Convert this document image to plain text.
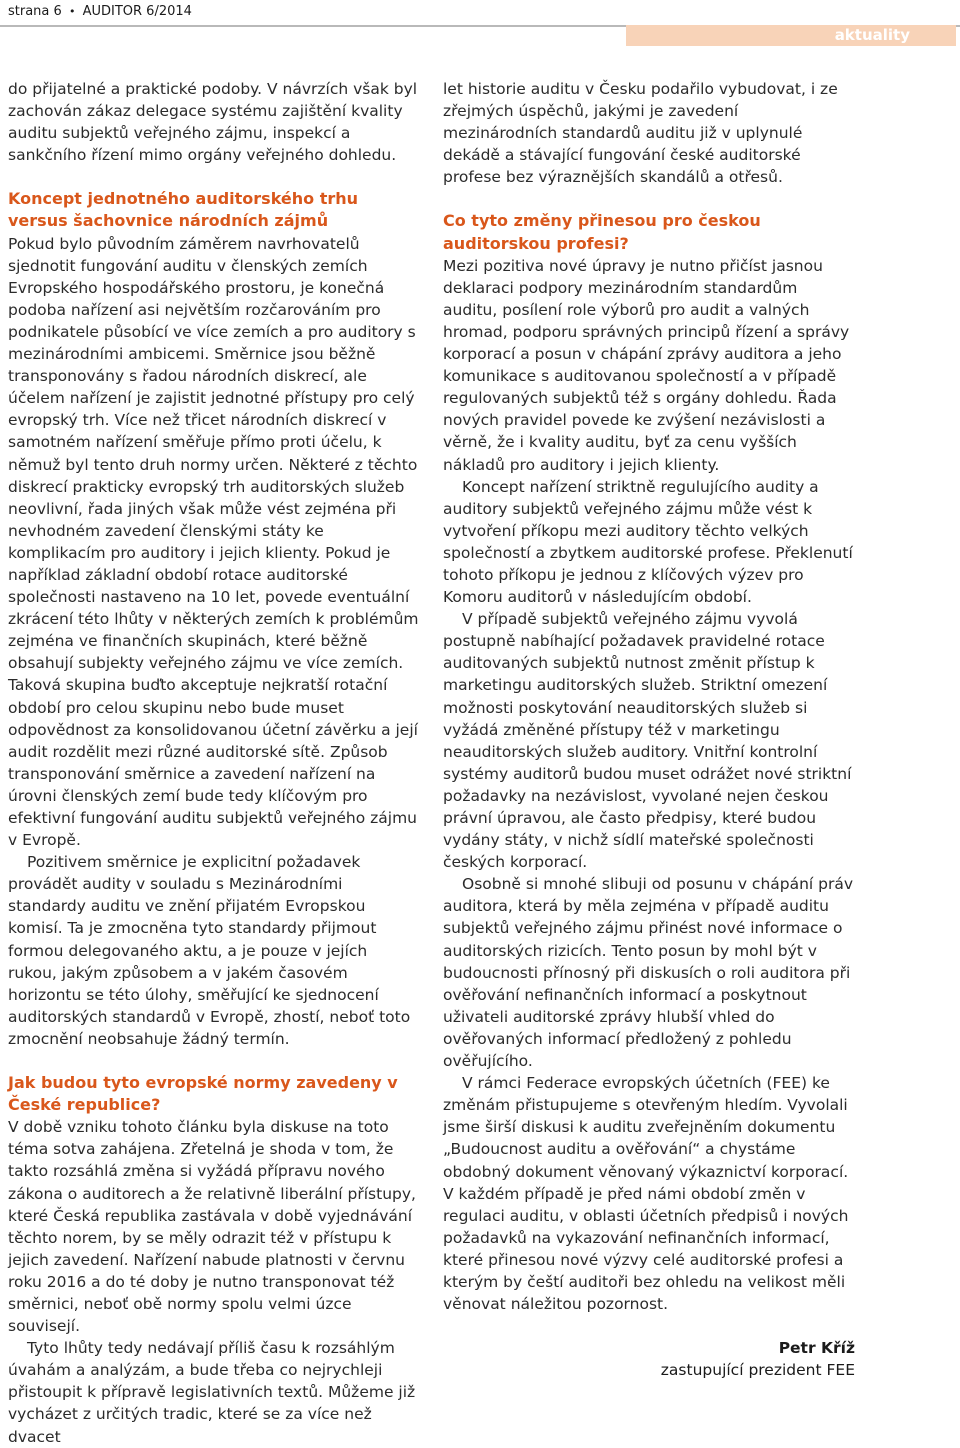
strana 6 • AUDITOR 6/2014
aktuality

do přijatelné a praktické podoby. V návrzích však byl zachován zákaz delegace systému zajištění kvality auditu subjektů veřejného zájmu, inspekcí a sankčního řízení mimo orgány veřejného dohledu.

Koncept jednotného auditorského trhu versus šachovnice národních zájmů

Pokud bylo původním záměrem navrhovatelů sjednotit fungování auditu v členských zemích Evropského hospodářského prostoru, je konečná podoba nařízení asi největším rozčarováním pro podnikatele působící ve více zemích a pro auditory s mezinárodními ambicemi. Směrnice jsou běžně transponovány s řadou národních diskrecí, ale účelem nařízení je zajistit jednotné přístupy pro celý evropský trh. Více než třicet národních diskrecí v samotném nařízení směřuje přímo proti účelu, k němuž byl tento druh normy určen. Některé z těchto diskrecí prakticky evropský trh auditorských služeb neovlivní, řada jiných však může vést zejména při nevhodném zavedení členskými státy ke komplikacím pro auditory i jejich klienty. Pokud je například základní období rotace auditorské společnosti nastaveno na 10 let, povede eventuální zkrácení této lhůty v některých zemích k problémům zejména ve finančních skupinách, které běžně obsahují subjekty veřejného zájmu ve více zemích. Taková skupina buďto akceptuje nejkratší rotační období pro celou skupinu nebo bude muset odpovědnost za konsolidovanou účetní závěrku a její audit rozdělit mezi různé auditorské sítě. Způsob transponování směrnice a zavedení nařízení na úrovni členských zemí bude tedy klíčovým pro efektivní fungování auditu subjektů veřejného zájmu v Evropě.

Pozitivem směrnice je explicitní požadavek provádět audity v souladu s Mezinárodními standardy auditu ve znění přijatém Evropskou komisí. Ta je zmocněna tyto standardy přijmout formou delegovaného aktu, a je pouze v jejích rukou, jakým způsobem a v jakém časovém horizontu se této úlohy, směřující ke sjednocení auditorských standardů v Evropě, zhostí, neboť toto zmocnění neobsahuje žádný termín.

Jak budou tyto evropské normy zavedeny v České republice?

V době vzniku tohoto článku byla diskuse na toto téma sotva zahájena. Zřetelná je shoda v tom, že takto rozsáhlá změna si vyžádá přípravu nového zákona o auditorech a že relativně liberální přístupy, které Česká republika zastávala v době vyjednávání těchto norem, by se měly odrazit též v přístupu k jejich zavedení. Nařízení nabude platnosti v červnu roku 2016 a do té doby je nutno transponovat též směrnici, neboť obě normy spolu velmi úzce souvisejí.

Tyto lhůty tedy nedávají příliš času k rozsáhlým úvahám a analýzám, a bude třeba co nejrychleji přistoupit k přípravě legislativních textů. Můžeme již vycházet z určitých tradic, které se za více než dvacet

let historie auditu v Česku podařilo vybudovat, i ze zřejmých úspěchů, jakými je zavedení mezinárodních standardů auditu již v uplynulé dekádě a stávající fungování české auditorské profese bez výraznějších skandálů a otřesů.

Co tyto změny přinesou pro českou auditorskou profesi?

Mezi pozitiva nové úpravy je nutno přičíst jasnou deklaraci podpory mezinárodním standardům auditu, posílení role výborů pro audit a valných hromad, podporu správných principů řízení a správy korporací a posun v chápání zprávy auditora a jeho komunikace s auditovanou společností a v případě regulovaných subjektů též s orgány dohledu. Řada nových pravidel povede ke zvýšení nezávislosti a věrně, že i kvality auditu, byť za cenu vyšších nákladů pro auditory i jejich klienty.

Koncept nařízení striktně regulujícího audity a auditory subjektů veřejného zájmu může vést k vytvoření příkopu mezi auditory těchto velkých společností a zbytkem auditorské profese. Překlenutí tohoto příkopu je jednou z klíčových výzev pro Komoru auditorů v následujícím období.

V případě subjektů veřejného zájmu vyvolá postupně nabíhající požadavek pravidelné rotace auditovaných subjektů nutnost změnit přístup k marketingu auditorských služeb. Striktní omezení možnosti poskytování neauditorských služeb si vyžádá změněné přístupy též v marketingu neauditorských služeb auditory. Vnitřní kontrolní systémy auditorů budou muset odrážet nové striktní požadavky na nezávislost, vyvolané nejen českou právní úpravou, ale často předpisy, které budou vydány státy, v nichž sídlí mateřské společnosti českých korporací.

Osobně si mnohé slibuji od posunu v chápání práv auditora, která by měla zejména v případě auditu subjektů veřejného zájmu přinést nové informace o auditorských rizicích. Tento posun by mohl být v budoucnosti přínosný při diskusích o roli auditora při ověřování nefinančních informací a poskytnout uživateli auditorské zprávy hlubší vhled do ověřovaných informací předložený z pohledu ověřujícího.

V rámci Federace evropských účetních (FEE) ke změnám přistupujeme s otevřeným hledím. Vyvolali jsme širší diskusi k auditu zveřejněním dokumentu „Budoucnost auditu a ověřování“ a chystáme obdobný dokument věnovaný výkaznictví korporací. V každém případě je před námi období změn v regulaci auditu, v oblasti účetních předpisů i nových požadavků na vykazování nefinančních informací, které přinesou nové výzvy celé auditorské profesi a kterým by čeští auditoři bez ohledu na velikost měli věnovat náležitou pozornost.

Petr Kříž
zastupující prezident FEE
